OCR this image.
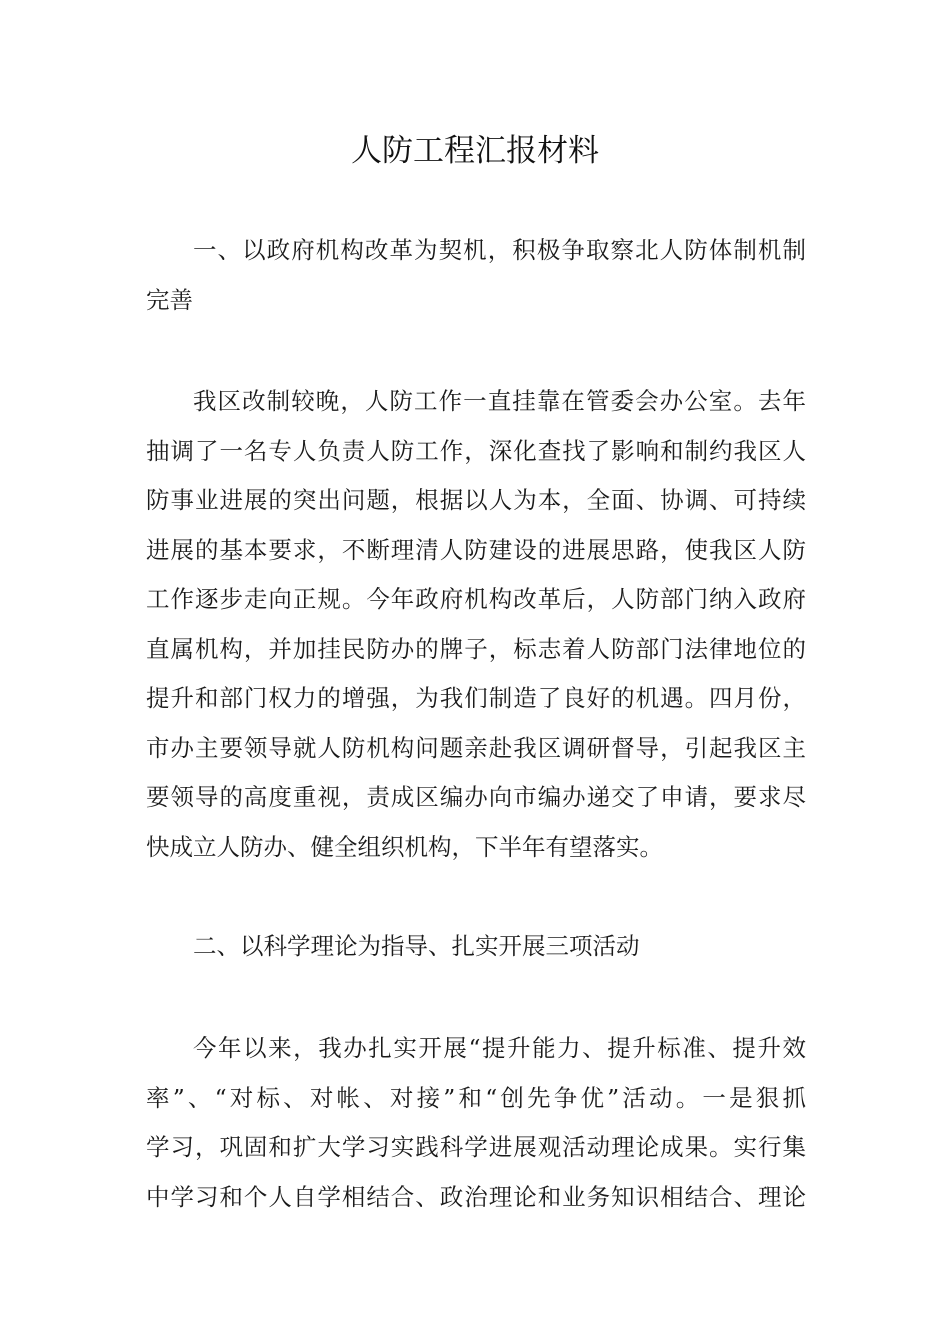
人防工程汇报材料
一、以政府机构改革为契机，积极争取察北人防体制机制
完善
我区改制较晚，人防工作一直挂靠在管委会办公室。去年
抽调了一名专人负责人防工作，深化查找了影响和制约我区人
防事业进展的突出问题，根据以人为本，全面、协调、可持续
进展的基本要求，不断理清人防建设的进展思路，使我区人防
工作逐步走向正规。今年政府机构改革后，人防部门纳入政府
直属机构，并加挂民防办的牌子，标志着人防部门法律地位的
提升和部门权力的增强，为我们制造了良好的机遇。四月份，
市办主要领导就人防机构问题亲赴我区调研督导，引起我区主
要领导的高度重视，责成区编办向市编办递交了申请，要求尽
快成立人防办、健全组织机构，下半年有望落实。
二、以科学理论为指导、扎实开展三项活动
今年以来，我办扎实开展“提升能力、提升标准、提升效
率”、“对标、对帐、对接”和“创先争优”活动。一是狠抓
学习，巩固和扩大学习实践科学进展观活动理论成果。实行集
中学习和个人自学相结合、政治理论和业务知识相结合、理论
